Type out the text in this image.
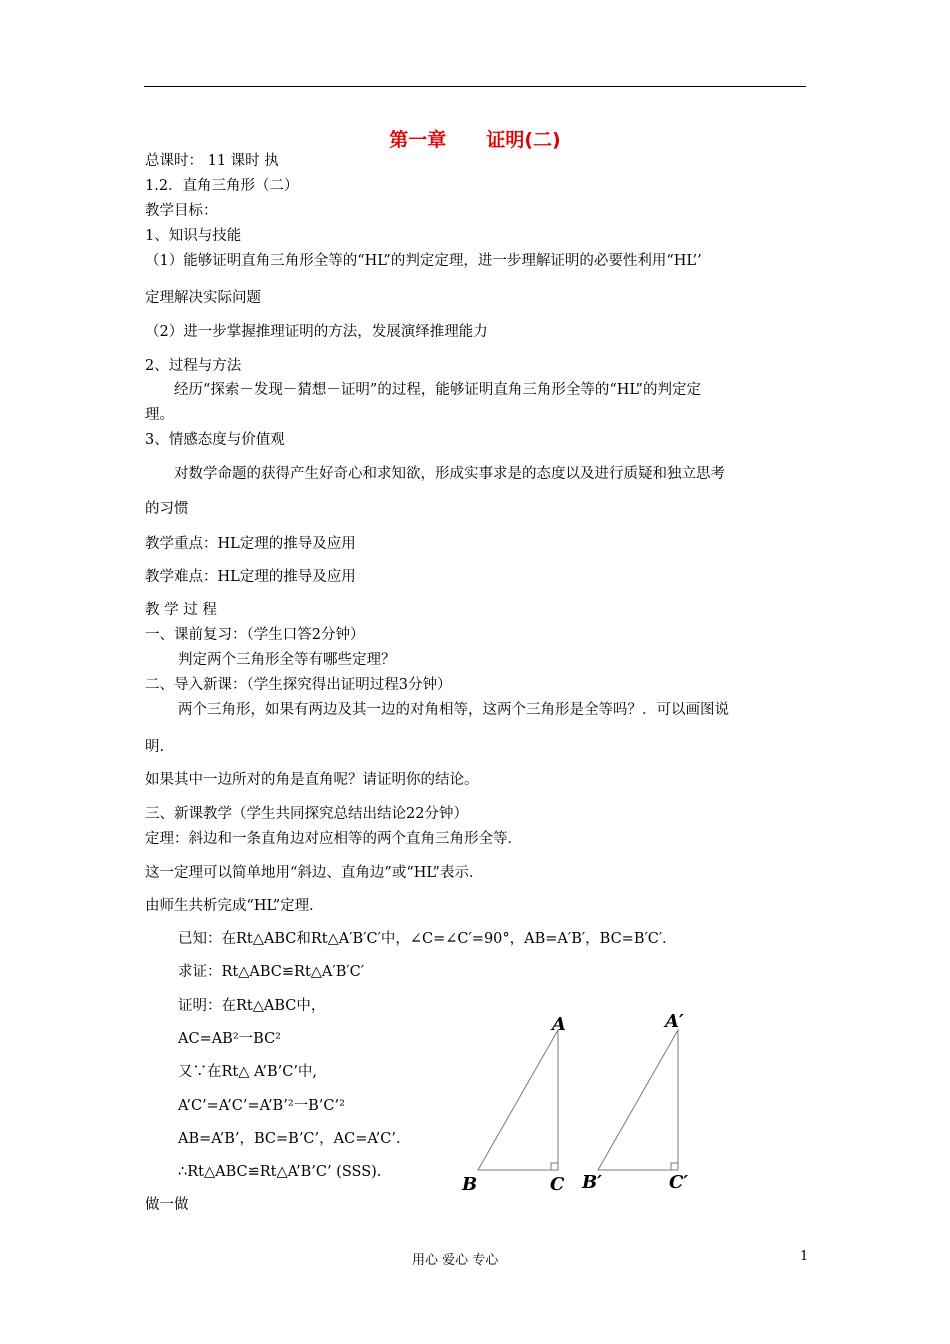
第一章 证明(二)
总课时： 11 课时 执
1.2．直角三角形（二）
教学目标：
1、知识与技能
（1）能够证明直角三角形全等的“HL”的判定定理，进一步理解证明的必要性利用“HL’’
定理解决实际问题
（2）进一步掌握推理证明的方法，发展演绎推理能力
2、过程与方法
经历“探索－发现－猜想－证明”的过程，能够证明直角三角形全等的“HL”的判定定
理。
3、情感态度与价值观
对数学命题的获得产生好奇心和求知欲，形成实事求是的态度以及进行质疑和独立思考
的习惯
教学重点：HL定理的推导及应用
教学难点：HL定理的推导及应用
教 学 过 程
一、课前复习：（学生口答2分钟）
判定两个三角形全等有哪些定理？
二、导入新课：（学生探究得出证明过程3分钟）
两个三角形，如果有两边及其一边的对角相等，这两个三角形是全等吗？．可以画图说
明.
如果其中一边所对的角是直角呢？请证明你的结论。
三、新课教学（学生共同探究总结出结论22分钟）
定理：斜边和一条直角边对应相等的两个直角三角形全等．
这一定理可以简单地用“斜边、直角边”或“HL”表示．
由师生共析完成“HL”定理．
已知：在Rt△ABC和Rt△A′B′C′中，∠C=∠C′=90°，AB=A′B′，BC=B′C′．
求证：Rt△ABC≌Rt△A′B′C′
证明：在Rt△ABC中，
AC=AB²一BC²
又∵在Rt△ A’B’C’中,
A’C’=A’C’=A’B’²一B’C’²
AB=A’B’，BC=B’C’，AC=A’C’.
∴Rt△ABC≌Rt△A’B’C’ (SSS).
做一做
A
B	C
A′
B′	C′
用心 爱心 专心	1
